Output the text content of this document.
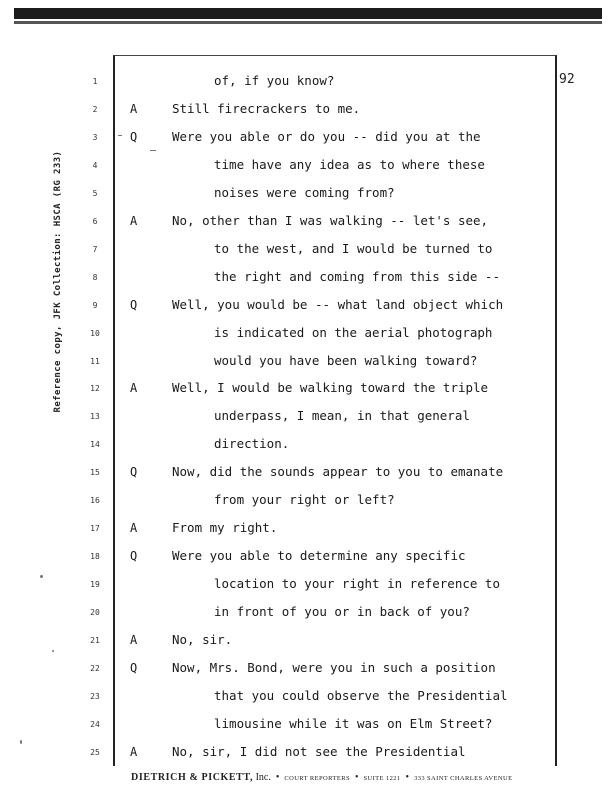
92
Reference copy, JFK Collection: HSCA (RG 233)
1	of, if you know?
2	A	Still firecrackers to me.
3	Q	Were you able or do you -- did you at the
4	time have any idea as to where these
5	noises were coming from?
6	A	No, other than I was walking -- let's see,
7	to the west, and I would be turned to
8	the right and coming from this side --
9	Q	Well, you would be -- what land object which
10	is indicated on the aerial photograph
11	would you have been walking toward?
12	A	Well, I would be walking toward the triple
13	underpass, I mean, in that general
14	direction.
15	Q	Now, did the sounds appear to you to emanate
16	from your right or left?
17	A	From my right.
18	Q	Were you able to determine any specific
19	location to your right in reference to
20	in front of you or in back of you?
21	A	No, sir.
22	Q	Now, Mrs. Bond, were you in such a position
23	that you could observe the Presidential
24	limousine while it was on Elm Street?
25	A	No, sir, I did not see the Presidential
DIETRICH & PICKETT, Inc. • COURT REPORTERS • SUITE 1221 • 333 SAINT CHARLES AVENUE
